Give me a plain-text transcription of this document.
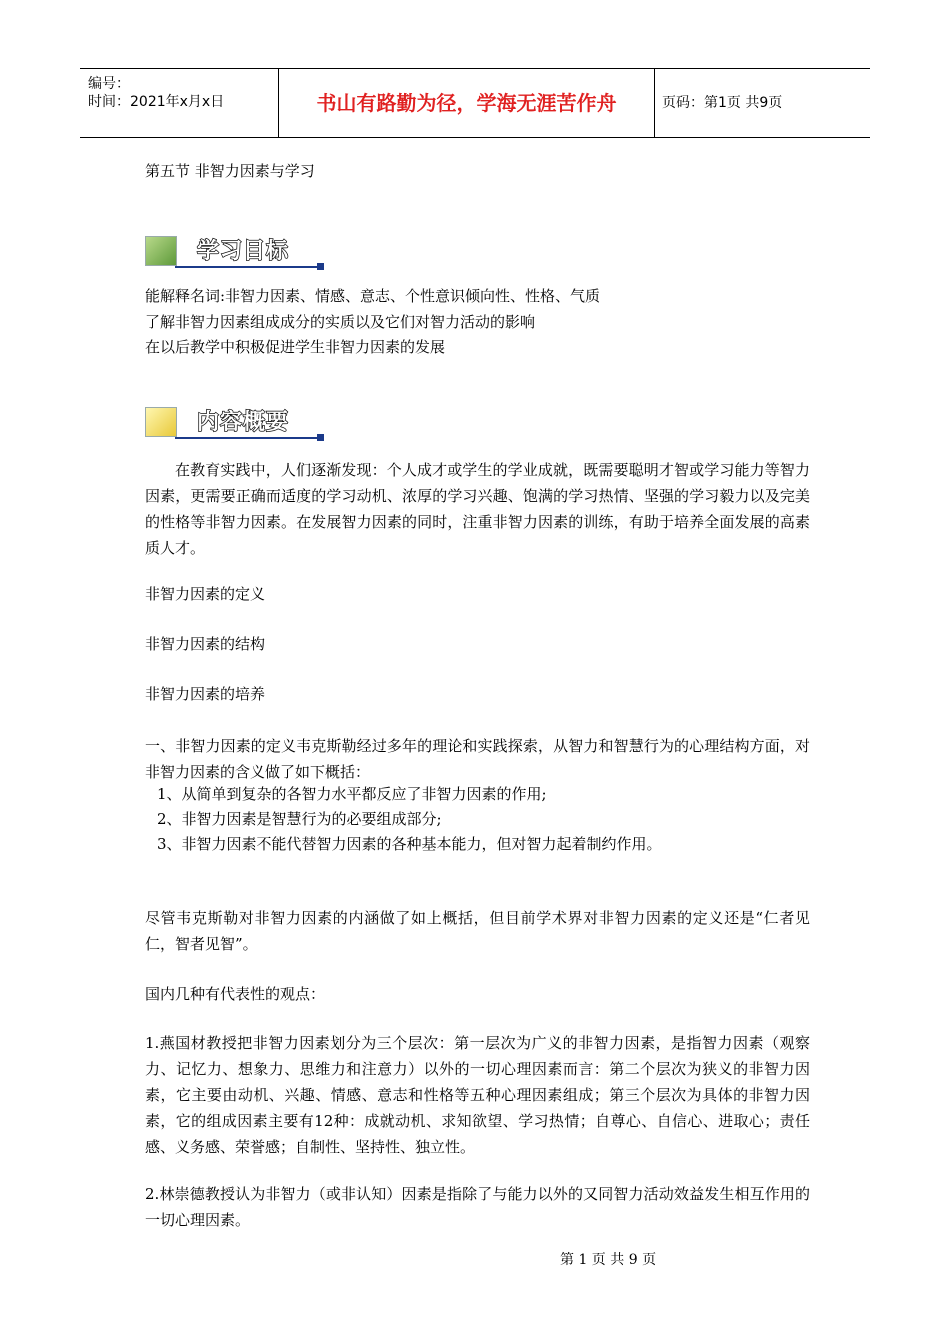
编号：
时间：2021年x月x日	书山有路勤为径，学海无涯苦作舟	页码：第1页 共9页

第五节 非智力因素与学习

学习目标

能解释名词:非智力因素、情感、意志、个性意识倾向性、性格、气质

了解非智力因素组成成分的实质以及它们对智力活动的影响

在以后教学中积极促进学生非智力因素的发展

内容概要

在教育实践中，人们逐渐发现：个人成才或学生的学业成就，既需要聪明才智或学习能力等智力因素，更需要正确而适度的学习动机、浓厚的学习兴趣、饱满的学习热情、坚强的学习毅力以及完美的性格等非智力因素。在发展智力因素的同时，注重非智力因素的训练，有助于培养全面发展的高素质人才。

非智力因素的定义

非智力因素的结构

非智力因素的培养

一、非智力因素的定义韦克斯勒经过多年的理论和实践探索，从智力和智慧行为的心理结构方面，对非智力因素的含义做了如下概括：

1、从简单到复杂的各智力水平都反应了非智力因素的作用;

2、非智力因素是智慧行为的必要组成部分;

3、非智力因素不能代替智力因素的各种基本能力，但对智力起着制约作用。

尽管韦克斯勒对非智力因素的内涵做了如上概括，但目前学术界对非智力因素的定义还是“仁者见仁，智者见智”。

国内几种有代表性的观点：

1.燕国材教授把非智力因素划分为三个层次：第一层次为广义的非智力因素，是指智力因素（观察力、记忆力、想象力、思维力和注意力）以外的一切心理因素而言：第二个层次为狭义的非智力因素，它主要由动机、兴趣、情感、意志和性格等五种心理因素组成；第三个层次为具体的非智力因素，它的组成因素主要有12种：成就动机、求知欲望、学习热情；自尊心、自信心、进取心；责任感、义务感、荣誉感；自制性、坚持性、独立性。

2.林崇德教授认为非智力（或非认知）因素是指除了与能力以外的又同智力活动效益发生相互作用的一切心理因素。

第 1 页 共 9 页
